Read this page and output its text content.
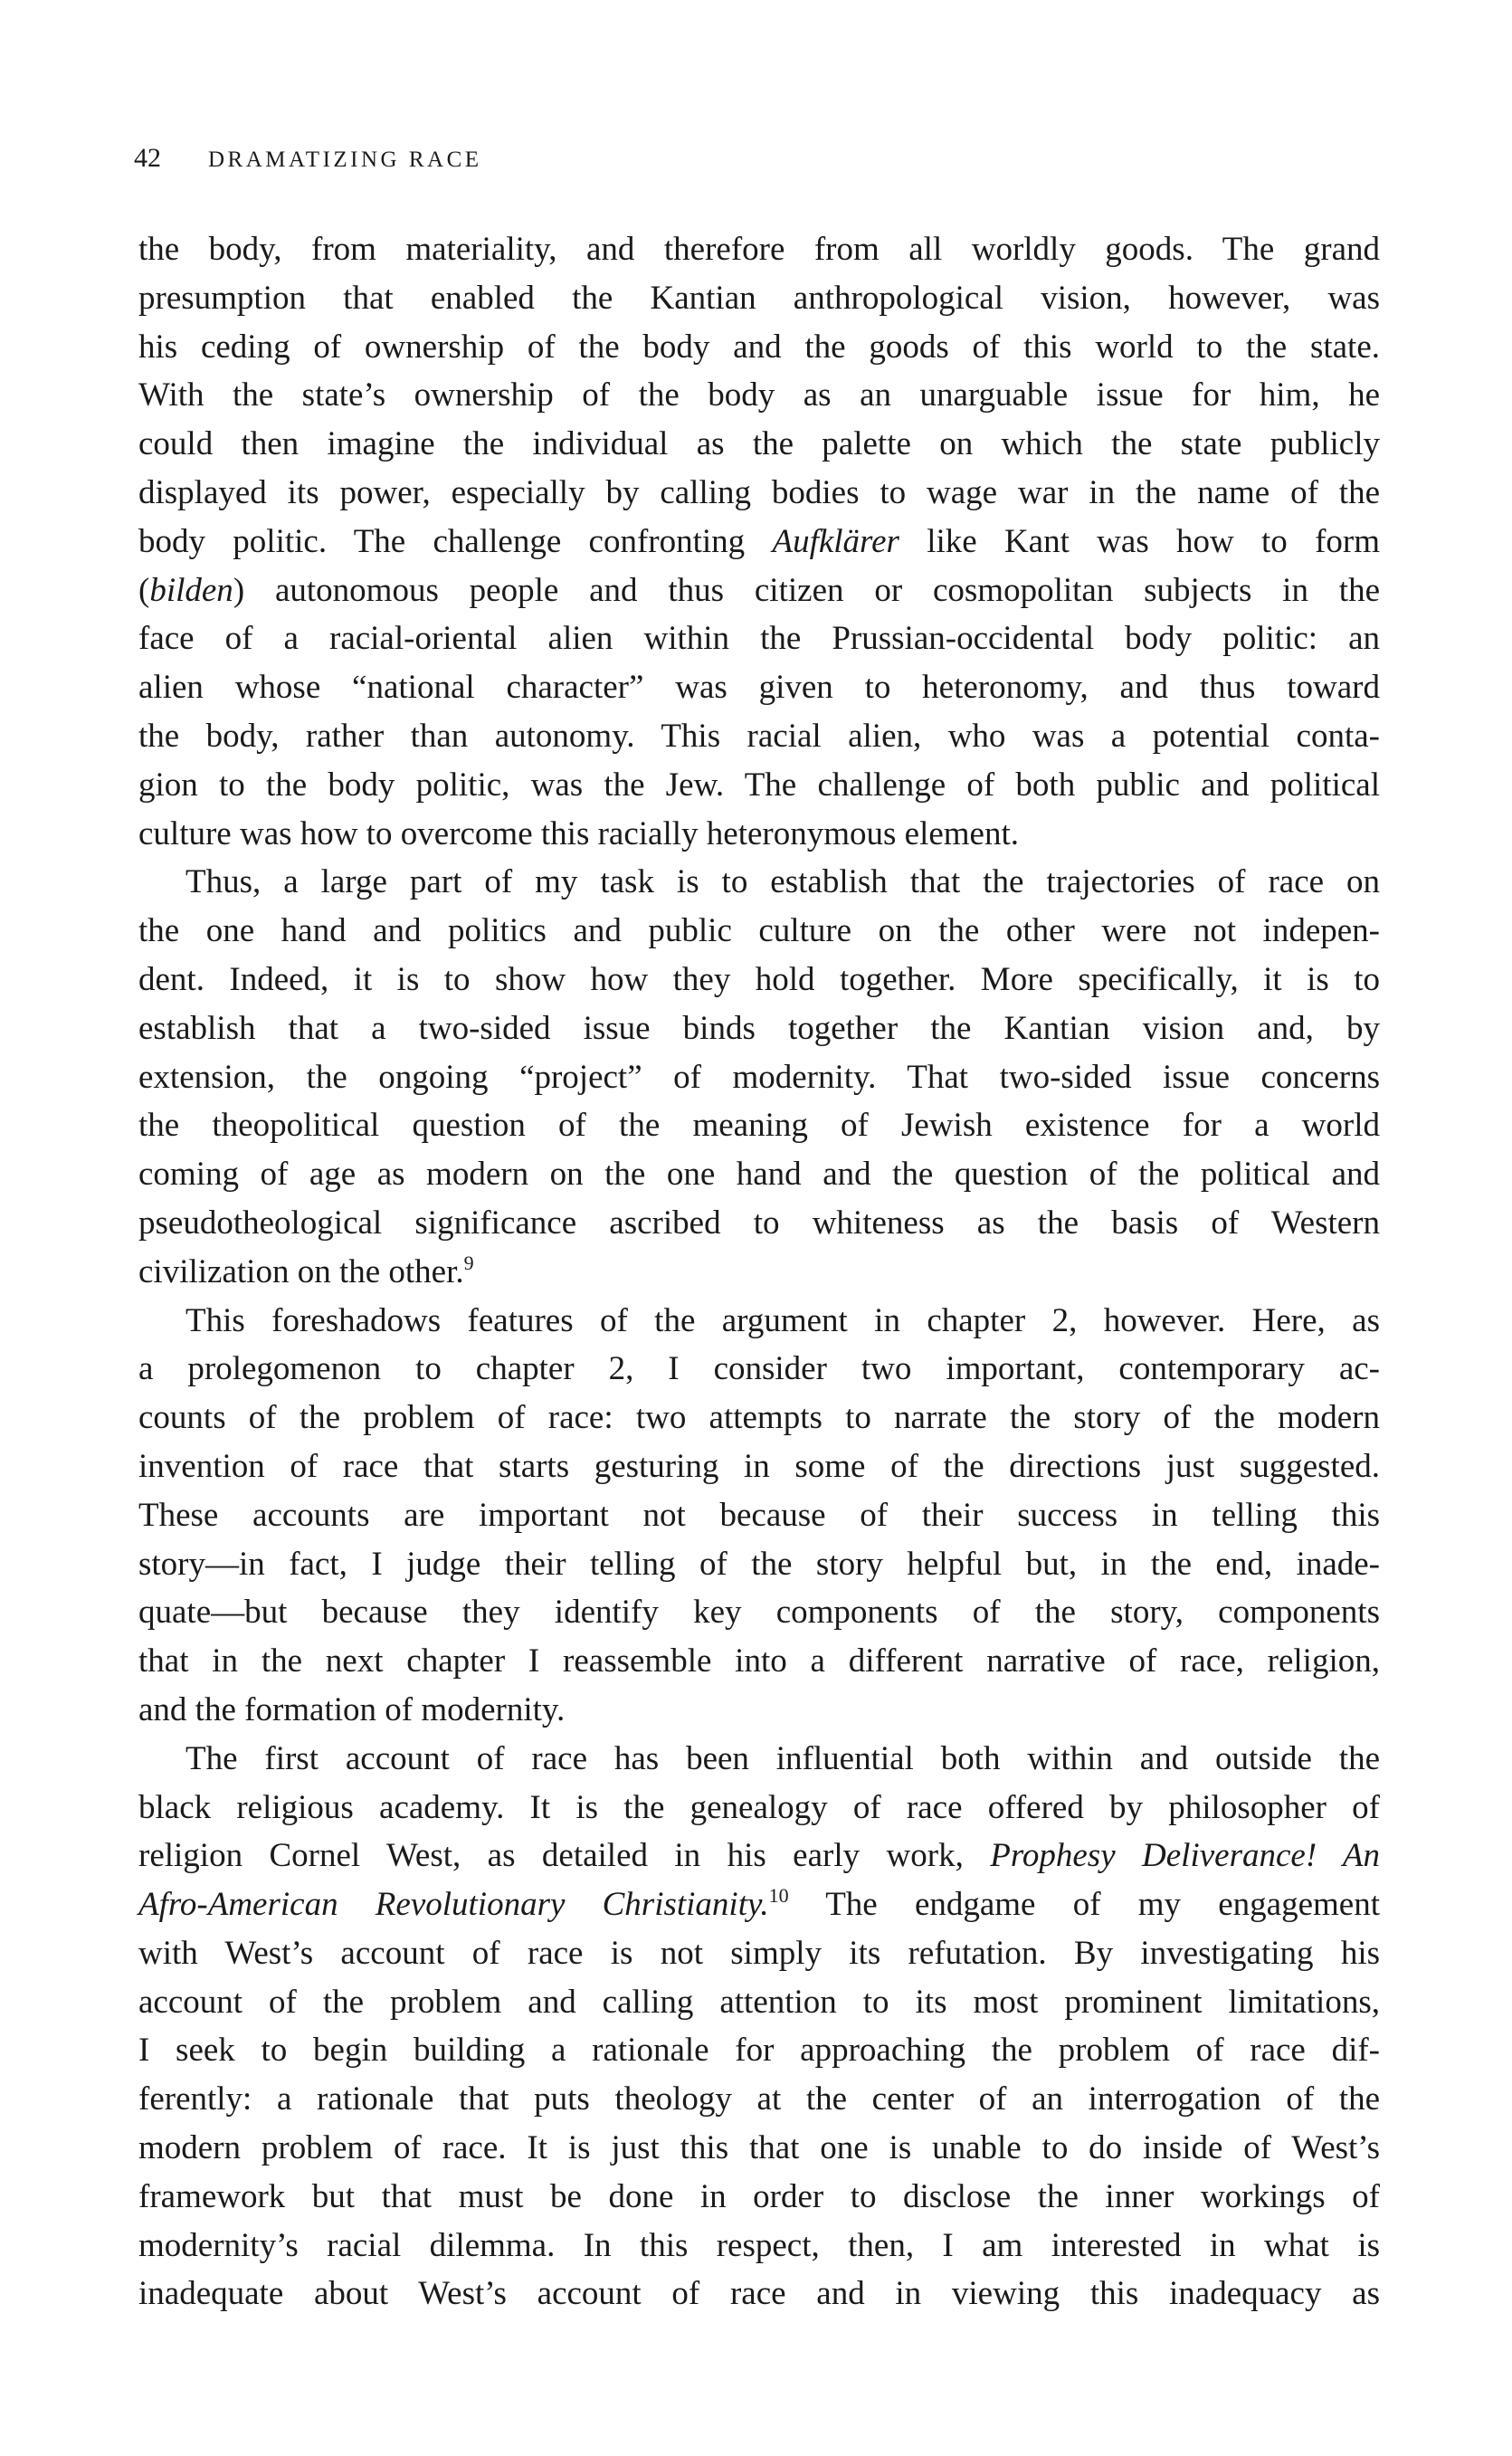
42 DRAMATIZING RACE
the body, from materiality, and therefore from all worldly goods. The grand
presumption that enabled the Kantian anthropological vision, however, was
his ceding of ownership of the body and the goods of this world to the state.
With the state’s ownership of the body as an unarguable issue for him, he
could then imagine the individual as the palette on which the state publicly
displayed its power, especially by calling bodies to wage war in the name of the
body politic. The challenge confronting Aufklärer like Kant was how to form
(bilden) autonomous people and thus citizen or cosmopolitan subjects in the
face of a racial-oriental alien within the Prussian-occidental body politic: an
alien whose “national character” was given to heteronomy, and thus toward
the body, rather than autonomy. This racial alien, who was a potential conta-
gion to the body politic, was the Jew. The challenge of both public and political
culture was how to overcome this racially heteronymous element.
Thus, a large part of my task is to establish that the trajectories of race on
the one hand and politics and public culture on the other were not indepen-
dent. Indeed, it is to show how they hold together. More specifically, it is to
establish that a two-sided issue binds together the Kantian vision and, by
extension, the ongoing “project” of modernity. That two-sided issue concerns
the theopolitical question of the meaning of Jewish existence for a world
coming of age as modern on the one hand and the question of the political and
pseudotheological significance ascribed to whiteness as the basis of Western
civilization on the other.$^9$
This foreshadows features of the argument in chapter 2, however. Here, as
a prolegomenon to chapter 2, I consider two important, contemporary ac-
counts of the problem of race: two attempts to narrate the story of the modern
invention of race that starts gesturing in some of the directions just suggested.
These accounts are important not because of their success in telling this
story—in fact, I judge their telling of the story helpful but, in the end, inade-
quate—but because they identify key components of the story, components
that in the next chapter I reassemble into a different narrative of race, religion,
and the formation of modernity.
The first account of race has been influential both within and outside the
black religious academy. It is the genealogy of race offered by philosopher of
religion Cornel West, as detailed in his early work, Prophesy Deliverance! An
Afro-American Revolutionary Christianity.$^{10}$ The endgame of my engagement
with West’s account of race is not simply its refutation. By investigating his
account of the problem and calling attention to its most prominent limitations,
I seek to begin building a rationale for approaching the problem of race dif-
ferently: a rationale that puts theology at the center of an interrogation of the
modern problem of race. It is just this that one is unable to do inside of West’s
framework but that must be done in order to disclose the inner workings of
modernity’s racial dilemma. In this respect, then, I am interested in what is
inadequate about West’s account of race and in viewing this inadequacy as
